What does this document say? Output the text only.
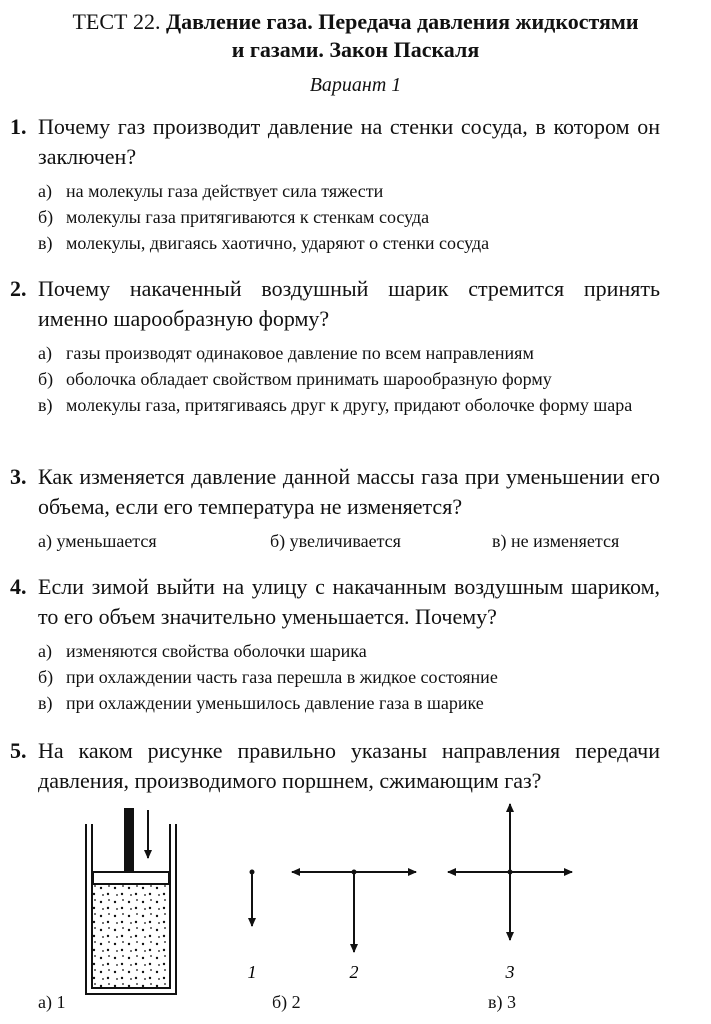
ТЕСТ 22. Давление газа. Передача давления жидкостями
и газами. Закон Паскаля
Вариант 1
1. Почему газ производит давление на стенки сосуда, в котором он заключен?
а) на молекулы газа действует сила тяжести
б) молекулы газа притягиваются к стенкам сосуда
в) молекулы, двигаясь хаотично, ударяют о стенки сосуда
2. Почему накаченный воздушный шарик стремится принять именно шарообразную форму?
а) газы производят одинаковое давление по всем направлениям
б) оболочка обладает свойством принимать шарообразную форму
в) молекулы газа, притягиваясь друг к другу, придают оболочке форму шара
3. Как изменяется давление данной массы газа при уменьшении его объема, если его температура не изменяется?
а) уменьшается	б) увеличивается	в) не изменяется
4. Если зимой выйти на улицу с накачанным воздушным шариком, то его объем значительно уменьшается. Почему?
а) изменяются свойства оболочки шарика
б) при охлаждении часть газа перешла в жидкое состояние
в) при охлаждении уменьшилось давление газа в шарике
5. На каком рисунке правильно указаны направления передачи давления, производимого поршнем, сжимающим газ?
1	2	3
а) 1	б) 2	в) 3
